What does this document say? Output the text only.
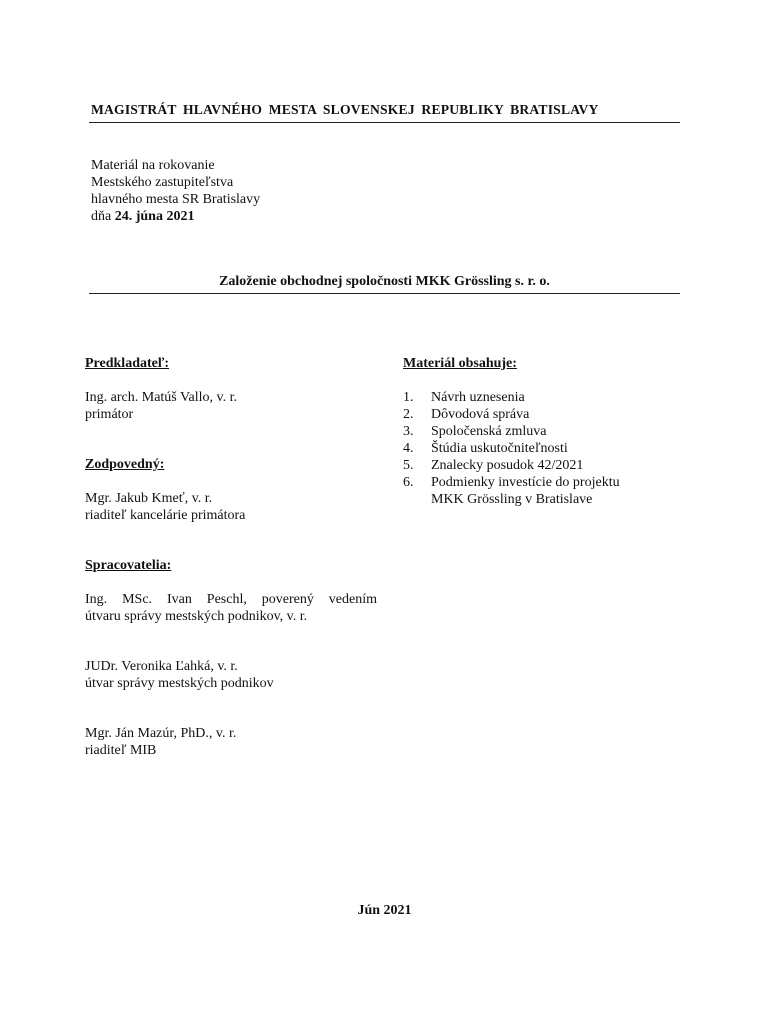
MAGISTRÁT HLAVNÉHO MESTA SLOVENSKEJ REPUBLIKY BRATISLAVY
Materiál na rokovanie
Mestského zastupiteľstva
hlavného mesta SR Bratislavy
dňa 24. júna 2021
Založenie obchodnej spoločnosti MKK Grössling s. r. o.
Predkladateľ:
Ing. arch. Matúš Vallo, v. r.
primátor
Zodpovedný:
Mgr. Jakub Kmeť, v. r.
riaditeľ kancelárie primátora
Spracovatelia:
Ing. MSc. Ivan Peschl, poverený vedením
útvaru správy mestských podnikov, v. r.
JUDr. Veronika Ľahká, v. r.
útvar správy mestských podnikov
Mgr. Ján Mazúr, PhD., v. r.
riaditeľ MIB
Materiál obsahuje:
1.	Návrh uznesenia
2.	Dôvodová správa
3.	Spoločenská zmluva
4.	Štúdia uskutočniteľnosti
5.	Znalecky posudok 42/2021
6.	Podmienky investície do projektu
MKK Grössling v Bratislave
Jún 2021
